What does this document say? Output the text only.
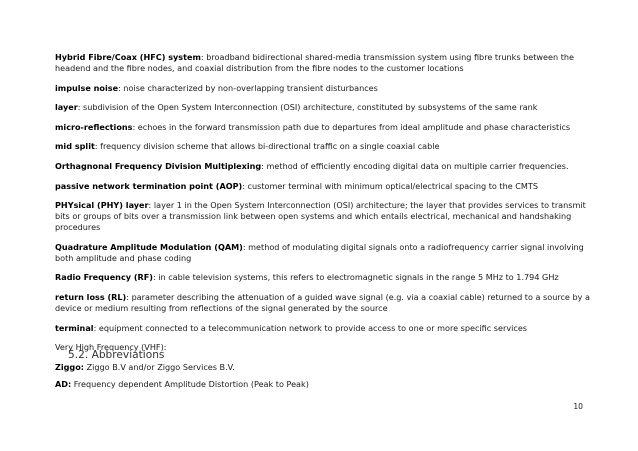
Hybrid Fibre/Coax (HFC) system: broadband bidirectional shared-media transmission system using fibre trunks between the headend and the fibre nodes, and coaxial distribution from the fibre nodes to the customer locations

impulse noise: noise characterized by non-overlapping transient disturbances

layer: subdivision of the Open System Interconnection (OSI) architecture, constituted by subsystems of the same rank

micro-reflections: echoes in the forward transmission path due to departures from ideal amplitude and phase characteristics

mid split: frequency division scheme that allows bi-directional traffic on a single coaxial cable

Orthagnonal Frequency Division Multiplexing: method of efficiently encoding digital data on multiple carrier frequencies.

passive network termination point (AOP): customer terminal with minimum optical/electrical spacing to the CMTS

PHYsical (PHY) layer: layer 1 in the Open System Interconnection (OSI) architecture; the layer that provides services to transmit bits or groups of bits over a transmission link between open systems and which entails electrical, mechanical and handshaking procedures

Quadrature Amplitude Modulation (QAM): method of modulating digital signals onto a radiofrequency carrier signal involving both amplitude and phase coding

Radio Frequency (RF): in cable television systems, this refers to electromagnetic signals in the range 5 MHz to 1.794 GHz

return loss (RL): parameter describing the attenuation of a guided wave signal (e.g. via a coaxial cable) returned to a source by a device or medium resulting from reflections of the signal generated by the source

terminal: equipment connected to a telecommunication network to provide access to one or more specific services

Very High Frequency (VHF):

Ziggo: Ziggo B.V and/or Ziggo Services B.V.

5.2. Abbreviations

AD: Frequency dependent Amplitude Distortion (Peak to Peak)

10
